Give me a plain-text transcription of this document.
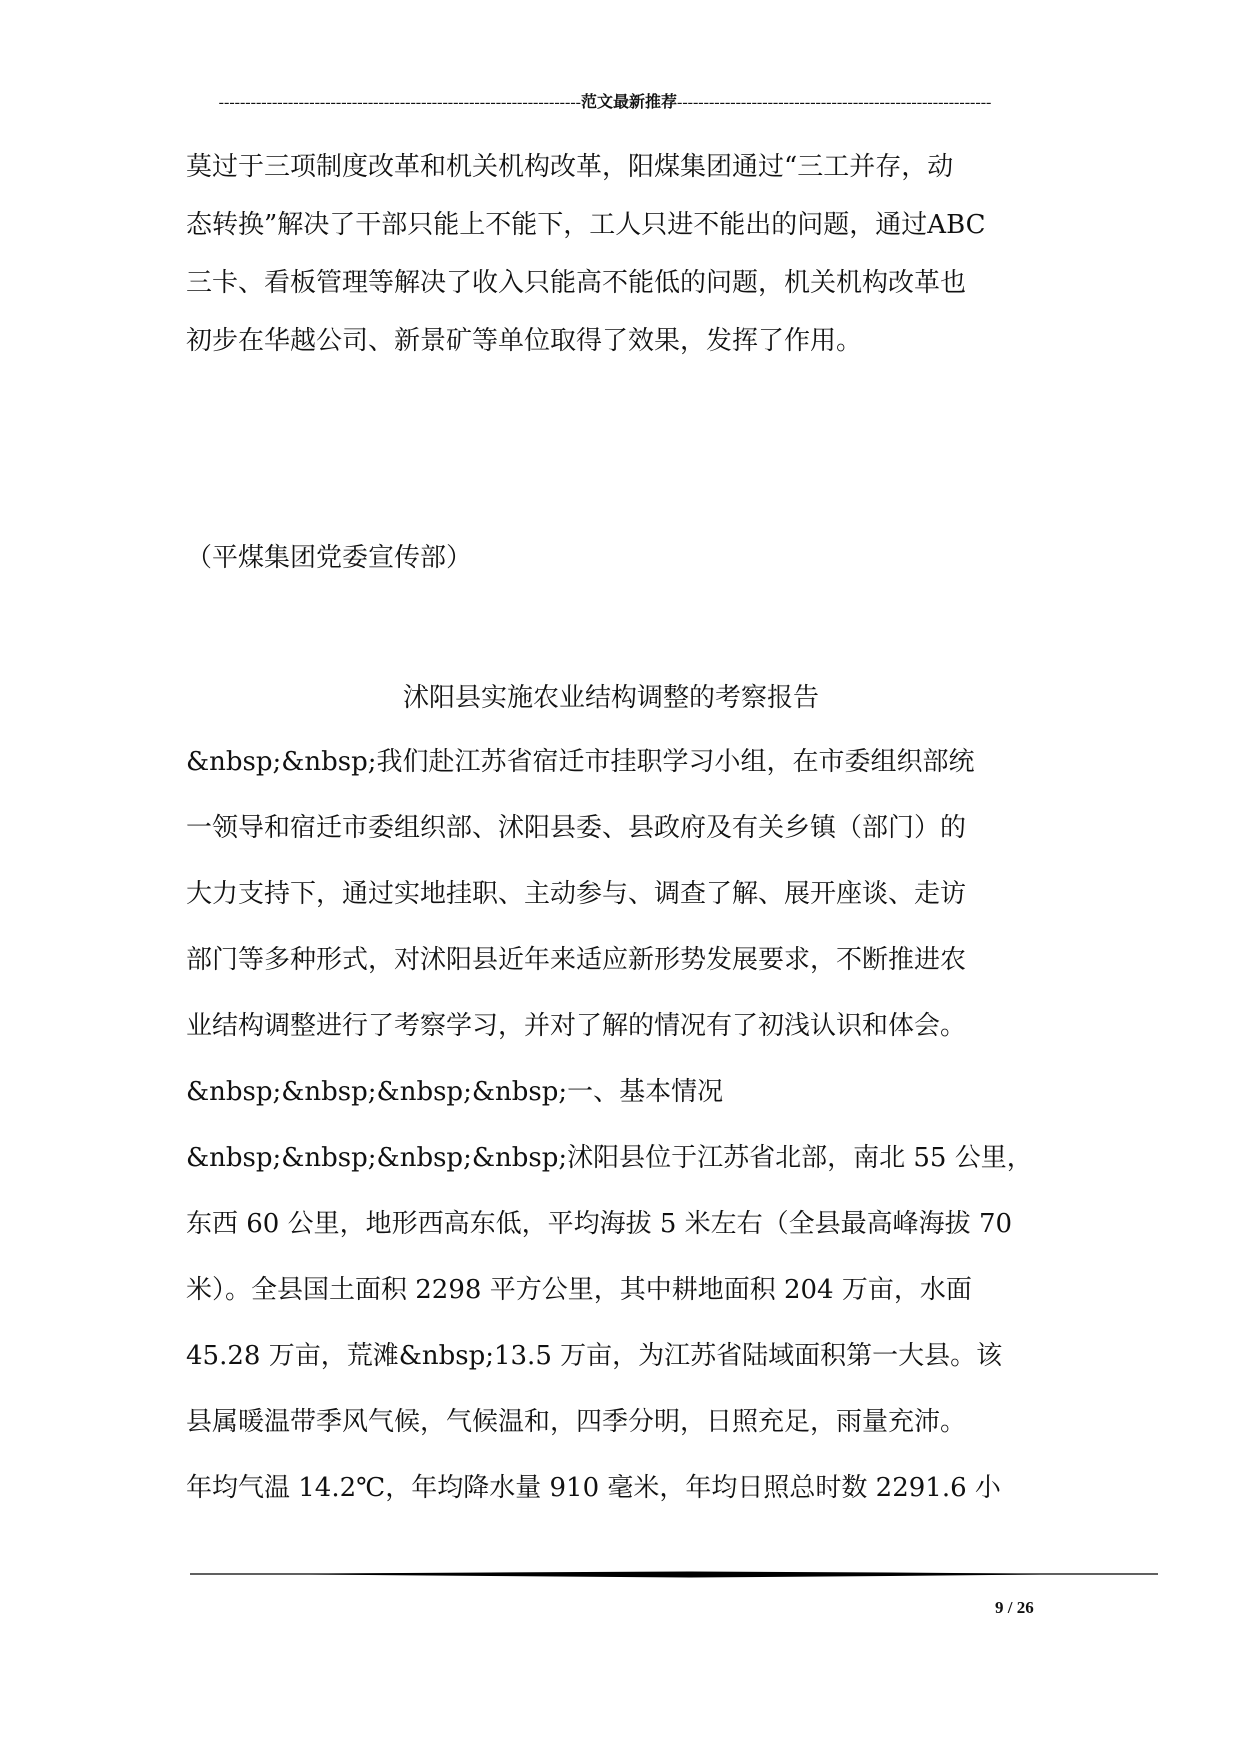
--------------------------------------------------------------------范文最新推荐-----------------------------------------------------------

莫过于三项制度改革和机关机构改革，阳煤集团通过“三工并存，动

态转换”解决了干部只能上不能下，工人只进不能出的问题，通过ABC

三卡、看板管理等解决了收入只能高不能低的问题，机关机构改革也

初步在华越公司、新景矿等单位取得了效果，发挥了作用。

（平煤集团党委宣传部）

沭阳县实施农业结构调整的考察报告

&nbsp;&nbsp;我们赴江苏省宿迁市挂职学习小组，在市委组织部统

一领导和宿迁市委组织部、沭阳县委、县政府及有关乡镇（部门）的

大力支持下，通过实地挂职、主动参与、调查了解、展开座谈、走访

部门等多种形式，对沭阳县近年来适应新形势发展要求，不断推进农

业结构调整进行了考察学习，并对了解的情况有了初浅认识和体会。

&nbsp;&nbsp;&nbsp;&nbsp;一、基本情况

&nbsp;&nbsp;&nbsp;&nbsp;沭阳县位于江苏省北部，南北 55 公里，

东西 60 公里，地形西高东低，平均海拔 5 米左右（全县最高峰海拔 70

米）。全县国土面积 2298 平方公里，其中耕地面积 204 万亩，水面

45.28 万亩，荒滩&nbsp;13.5 万亩，为江苏省陆域面积第一大县。该

县属暖温带季风气候，气候温和，四季分明，日照充足，雨量充沛。

年均气温 14.2℃，年均降水量 910 毫米，年均日照总时数 2291.6 小

9 / 26
